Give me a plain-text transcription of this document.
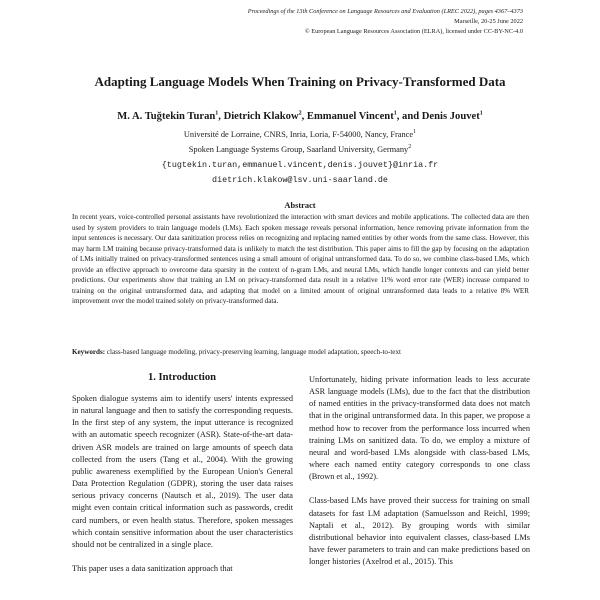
Proceedings of the 13th Conference on Language Resources and Evaluation (LREC 2022), pages 4367–4373
Marseille, 20-25 June 2022
© European Language Resources Association (ELRA), licensed under CC-BY-NC-4.0
Adapting Language Models When Training on Privacy-Transformed Data
M. A. Tuğtekin Turan$^1$, Dietrich Klakow$^2$, Emmanuel Vincent$^1$, and Denis Jouvet$^1$
Université de Lorraine, CNRS, Inria, Loria, F-54000, Nancy, France$^1$
Spoken Language Systems Group, Saarland University, Germany$^2$
{tugtekin.turan,emmanuel.vincent,denis.jouvet}@inria.fr
dietrich.klakow@lsv.uni-saarland.de
Abstract
In recent years, voice-controlled personal assistants have revolutionized the interaction with smart devices and mobile applications. The collected data are then used by system providers to train language models (LMs). Each spoken message reveals personal information, hence removing private information from the input sentences is necessary. Our data sanitization process relies on recognizing and replacing named entities by other words from the same class. However, this may harm LM training because privacy-transformed data is unlikely to match the test distribution. This paper aims to fill the gap by focusing on the adaptation of LMs initially trained on privacy-transformed sentences using a small amount of original untransformed data. To do so, we combine class-based LMs, which provide an effective approach to overcome data sparsity in the context of n-gram LMs, and neural LMs, which handle longer contexts and can yield better predictions. Our experiments show that training an LM on privacy-transformed data result in a relative 11% word error rate (WER) increase compared to training on the original untransformed data, and adapting that model on a limited amount of original untransformed data leads to a relative 8% WER improvement over the model trained solely on privacy-transformed data.
Keywords: class-based language modeling, privacy-preserving learning, language model adaptation, speech-to-text
1. Introduction
Spoken dialogue systems aim to identify users' intents expressed in natural language and then to satisfy the corresponding requests. In the first step of any system, the input utterance is recognized with an automatic speech recognizer (ASR). State-of-the-art data-driven ASR models are trained on large amounts of speech data collected from the users (Tang et al., 2004). With the growing public awareness exemplified by the European Union's General Data Protection Regulation (GDPR), storing the user data raises serious privacy concerns (Nautsch et al., 2019). The user data might even contain critical information such as passwords, credit card numbers, or even health status. Therefore, spoken messages which contain sensitive information about the user characteristics should not be centralized in a single place.
This paper uses a data sanitization approach that
Unfortunately, hiding private information leads to less accurate ASR language models (LMs), due to the fact that the distribution of named entities in the privacy-transformed data does not match that in the original untransformed data. In this paper, we propose a method how to recover from the performance loss incurred when training LMs on sanitized data. To do, we employ a mixture of neural and word-based LMs alongside with class-based LMs, where each named entity category corresponds to one class (Brown et al., 1992).
Class-based LMs have proved their success for training on small datasets for fast LM adaptation (Samuelsson and Reichl, 1999; Naptali et al., 2012). By grouping words with similar distributional behavior into equivalent classes, class-based LMs have fewer parameters to train and can make predictions based on longer histories (Axelrod et al., 2015). This
